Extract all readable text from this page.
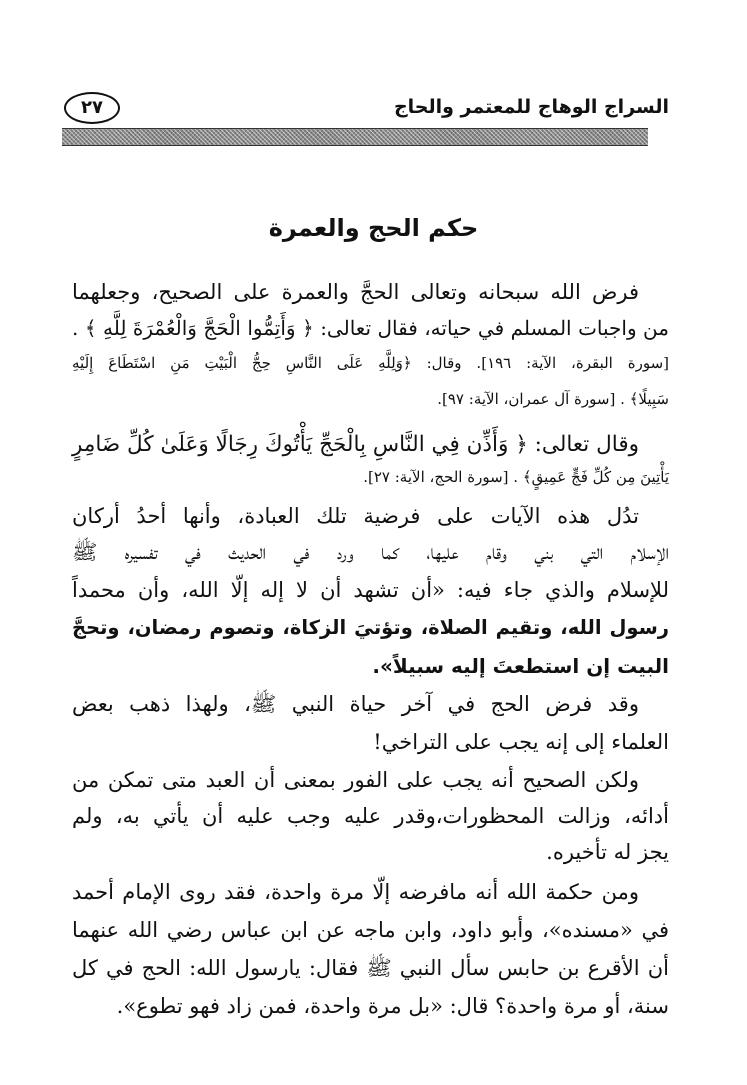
السراج الوهاج للمعتمر والحاج
٢٧
حكم الحج والعمرة
فرض الله سبحانه وتعالى الحجَّ والعمرة على الصحيح، وجعلهما
من واجبات المسلم في حياته، فقال تعالى: ﴿ وَأَتِمُّوا الْحَجَّ وَالْعُمْرَةَ لِلَّهِ ﴾ .
[سورة البقرة، الآية: ١٩٦]. وقال: ﴿وَلِلَّهِ عَلَى النَّاسِ حِجُّ الْبَيْتِ مَنِ اسْتَطَاعَ إِلَيْهِ
سَبِيلًا﴾ . [سورة آل عمران، الآية: ٩٧].
وقال تعالى: ﴿ وَأَذِّن فِي النَّاسِ بِالْحَجِّ يَأْتُوكَ رِجَالًا وَعَلَىٰ كُلِّ ضَامِرٍ
يَأْتِينَ مِن كُلِّ فَجٍّ عَمِيقٍ﴾ . [سورة الحج، الآية: ٢٧].
تدُل هذه الآيات على فرضية تلك العبادة، وأنها أحدُ أركان
الإسلام التي بني وقام عليها، كما ورد في الحديث في تفسيره ﷺ
للإسلام والذي جاء فيه: «أن تشهد أن لا إله إلّا الله، وأن محمداً
رسول الله، وتقيم الصلاة، وتؤتيَ الزكاة، وتصوم رمضان، وتحجَّ
البيت إن استطعتَ إليه سبيلاً».
وقد فرض الحج في آخر حياة النبي ﷺ، ولهذا ذهب بعض
العلماء إلى إنه يجب على التراخي!
ولكن الصحيح أنه يجب على الفور بمعنى أن العبد متى تمكن من
أدائه، وزالت المحظورات،وقدر عليه وجب عليه أن يأتي به، ولم
يجز له تأخيره.
ومن حكمة الله أنه مافرضه إلّا مرة واحدة، فقد روى الإمام أحمد
في «مسنده»، وأبو داود، وابن ماجه عن ابن عباس رضي الله عنهما
أن الأقرع بن حابس سأل النبي ﷺ فقال: يارسول الله: الحج في كل
سنة، أو مرة واحدة؟ قال: «بل مرة واحدة، فمن زاد فهو تطوع».
